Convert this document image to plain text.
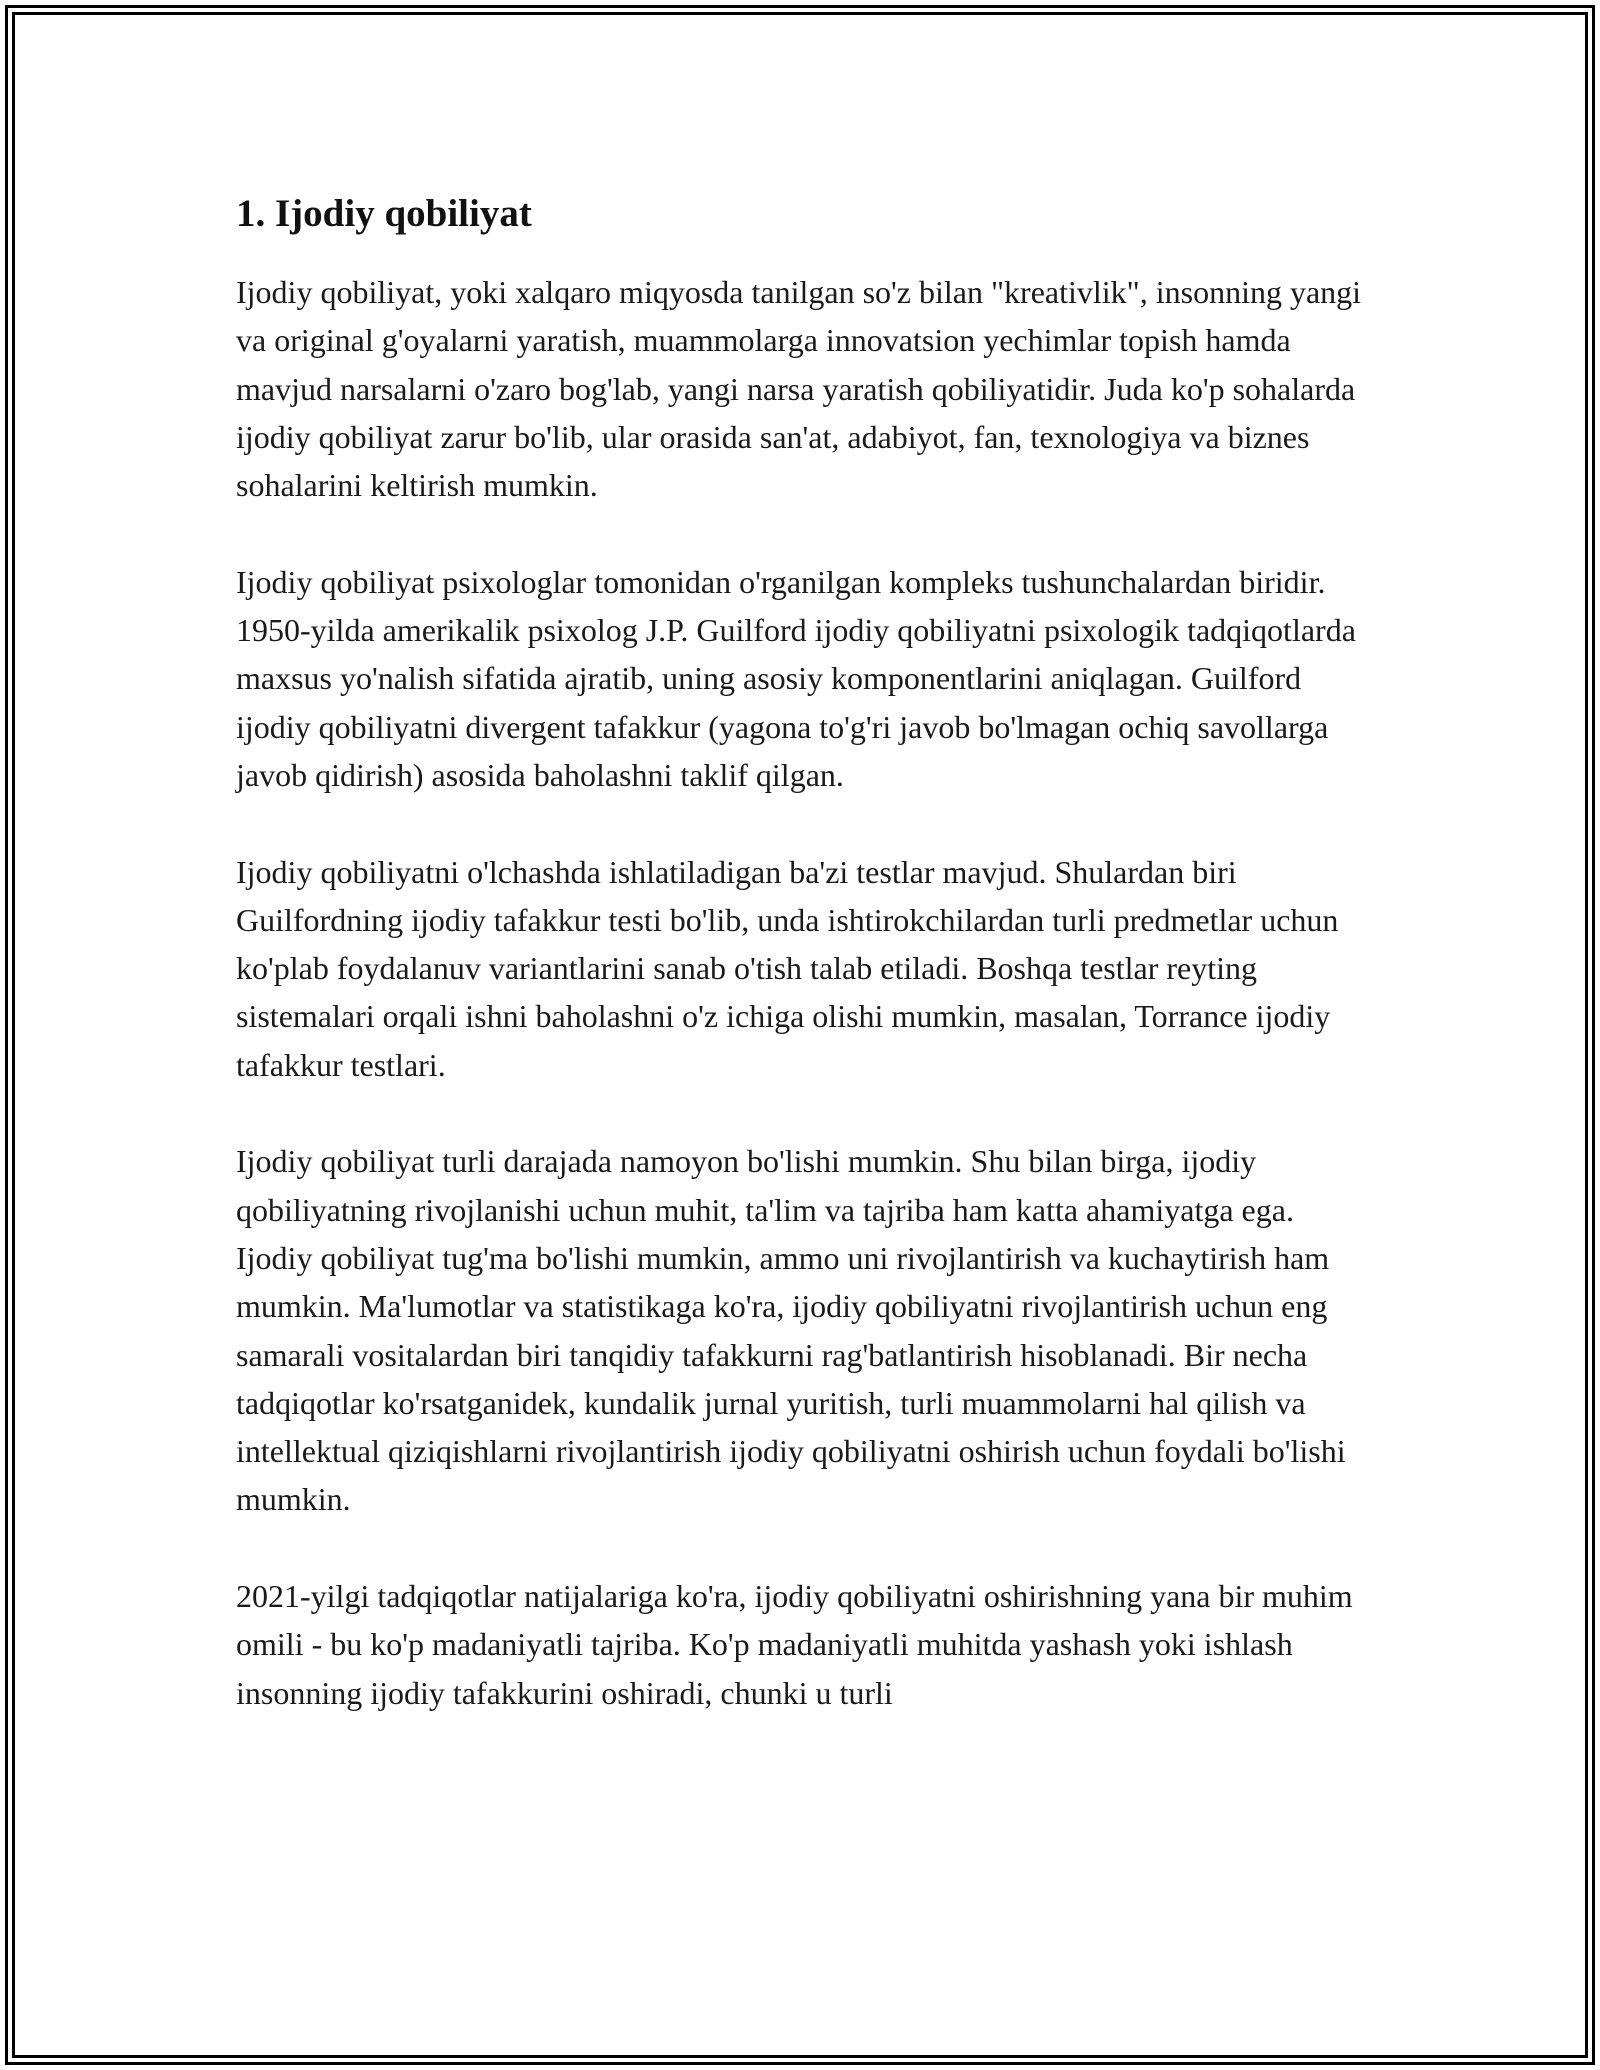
1. Ijodiy qobiliyat

Ijodiy qobiliyat, yoki xalqaro miqyosda tanilgan so'z bilan "kreativlik", insonning yangi va original g'oyalarni yaratish, muammolarga innovatsion yechimlar topish hamda mavjud narsalarni o'zaro bog'lab, yangi narsa yaratish qobiliyatidir. Juda ko'p sohalarda ijodiy qobiliyat zarur bo'lib, ular orasida san'at, adabiyot, fan, texnologiya va biznes sohalarini keltirish mumkin.

Ijodiy qobiliyat psixologlar tomonidan o'rganilgan kompleks tushunchalardan biridir. 1950-yilda amerikalik psixolog J.P. Guilford ijodiy qobiliyatni psixologik tadqiqotlarda maxsus yo'nalish sifatida ajratib, uning asosiy komponentlarini aniqlagan. Guilford ijodiy qobiliyatni divergent tafakkur (yagona to'g'ri javob bo'lmagan ochiq savollarga javob qidirish) asosida baholashni taklif qilgan.

Ijodiy qobiliyatni o'lchashda ishlatiladigan ba'zi testlar mavjud. Shulardan biri Guilfordning ijodiy tafakkur testi bo'lib, unda ishtirokchilardan turli predmetlar uchun ko'plab foydalanuv variantlarini sanab o'tish talab etiladi. Boshqa testlar reyting sistemalari orqali ishni baholashni o'z ichiga olishi mumkin, masalan, Torrance ijodiy tafakkur testlari.

Ijodiy qobiliyat turli darajada namoyon bo'lishi mumkin. Shu bilan birga, ijodiy qobiliyatning rivojlanishi uchun muhit, ta'lim va tajriba ham katta ahamiyatga ega. Ijodiy qobiliyat tug'ma bo'lishi mumkin, ammo uni rivojlantirish va kuchaytirish ham mumkin. Ma'lumotlar va statistikaga ko'ra, ijodiy qobiliyatni rivojlantirish uchun eng samarali vositalardan biri tanqidiy tafakkurni rag'batlantirish hisoblanadi. Bir necha tadqiqotlar ko'rsatganidek, kundalik jurnal yuritish, turli muammolarni hal qilish va intellektual qiziqishlarni rivojlantirish ijodiy qobiliyatni oshirish uchun foydali bo'lishi mumkin.

2021-yilgi tadqiqotlar natijalariga ko'ra, ijodiy qobiliyatni oshirishning yana bir muhim omili - bu ko'p madaniyatli tajriba. Ko'p madaniyatli muhitda yashash yoki ishlash insonning ijodiy tafakkurini oshiradi, chunki u turli
